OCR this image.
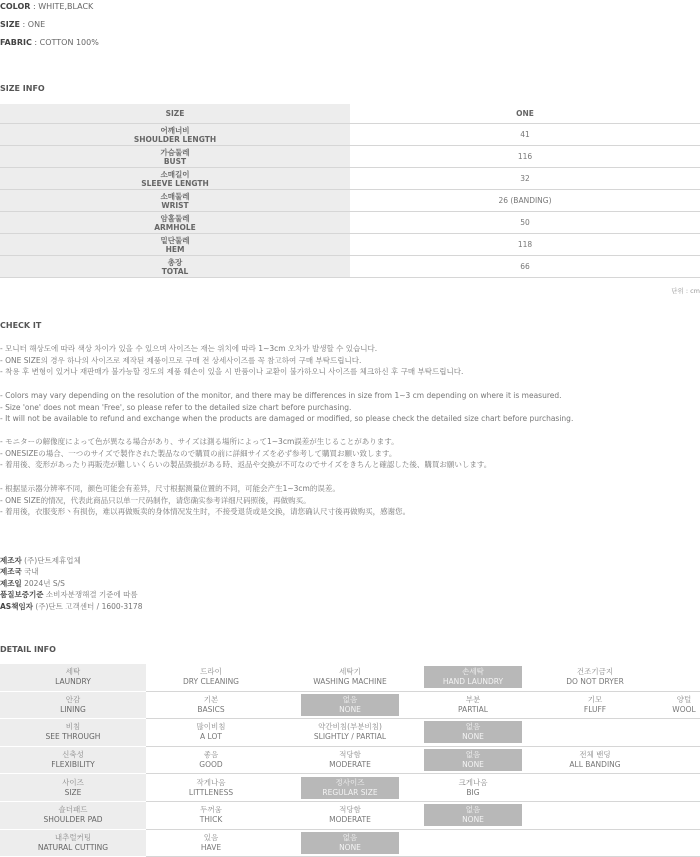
COLOR : WHITE,BLACK
SIZE : ONE
FABRIC : COTTON 100%
SIZE INFO
SIZE	ONE

어깨너비
SHOULDER LENGTH	41

가슴둘레
BUST	116

소매길이
SLEEVE LENGTH	32

소매둘레
WRIST	26 (BANDING)

암홀둘레
ARMHOLE	50

밑단둘레
HEM	118

총장
TOTAL	66
단위 : cm
CHECK IT
- 모니터 해상도에 따라 색상 차이가 있을 수 있으며 사이즈는 재는 위치에 따라 1~3cm 오차가 발생할 수 있습니다.
- ONE SIZE의 경우 하나의 사이즈로 제작된 제품이므로 구매 전 상세사이즈를 꼭 참고하여 구매 부탁드립니다.
- 착용 후 변형이 있거나 재판매가 불가능할 정도의 제품 훼손이 있을 시 반품이나 교환이 불가하오니 사이즈를 체크하신 후 구매 부탁드립니다.
- Colors may vary depending on the resolution of the monitor, and there may be differences in size from 1~3 cm depending on where it is measured.
- Size 'one' does not mean 'Free', so please refer to the detailed size chart before purchasing.
- It will not be available to refund and exchange when the products are damaged or modified, so please check the detailed size chart before purchasing.
- モニターの解像度によって色が異なる場合があり、サイズは測る場所によって1~3cm誤差が生じることがあります。
- ONESIZEの場合、一つのサイズで製作された製品なので購買の前に詳細サイズを必ず参考して購買お願い致します。
- 着用後、変形があったり再販売が難しいくらいの製品毀損がある時、返品や交換が不可なのでサイズをきちんと確認した後、購買お願いします。
- 根据显示器分辨率不同，颜色可能会有差异，尺寸根据测量位置的不同，可能会产生1~3cm的误差。
- ONE SIZE的情况，代表此商品只以单一尺码制作，请您确实参考详细尺码照後，再做购买。
- 着用後，衣服变形丶有损伤，难以再做贩卖的身体情况发生时，不接受退货或是交换，请您确认尺寸後再做购买，感谢您。
제조자 (주)단트제휴업체
제조국 국내
제조일 2024년 S/S
품질보증기준 소비자분쟁해결 기준에 따름
AS책임자 (주)단트 고객센터 / 1600-3178
DETAIL INFO
세탁
LAUNDRY	드라이
DRY CLEANING	세탁기
WASHING MACHINE	손세탁
HAND LAUNDRY	건조기금지
DO NOT DRYER	

안감
LINING	기본
BASICS	없음
NONE	부분
PARTIAL	기모
FLUFF	양털
WOOL

비침
SEE THROUGH	많이비침
A LOT	약간비침(부분비침)
SLIGHTLY / PARTIAL	없음
NONE		

신축성
FLEXIBILITY	좋음
GOOD	적당함
MODERATE	없음
NONE	전체 밴딩
ALL BANDING	

사이즈
SIZE	작게나옴
LITTLENESS	정사이즈
REGULAR SIZE	크게나옴
BIG		

숄더패드
SHOULDER PAD	두꺼움
THICK	적당함
MODERATE	없음
NONE		

내추럴커팅
NATURAL CUTTING	있음
HAVE	없음
NONE			
